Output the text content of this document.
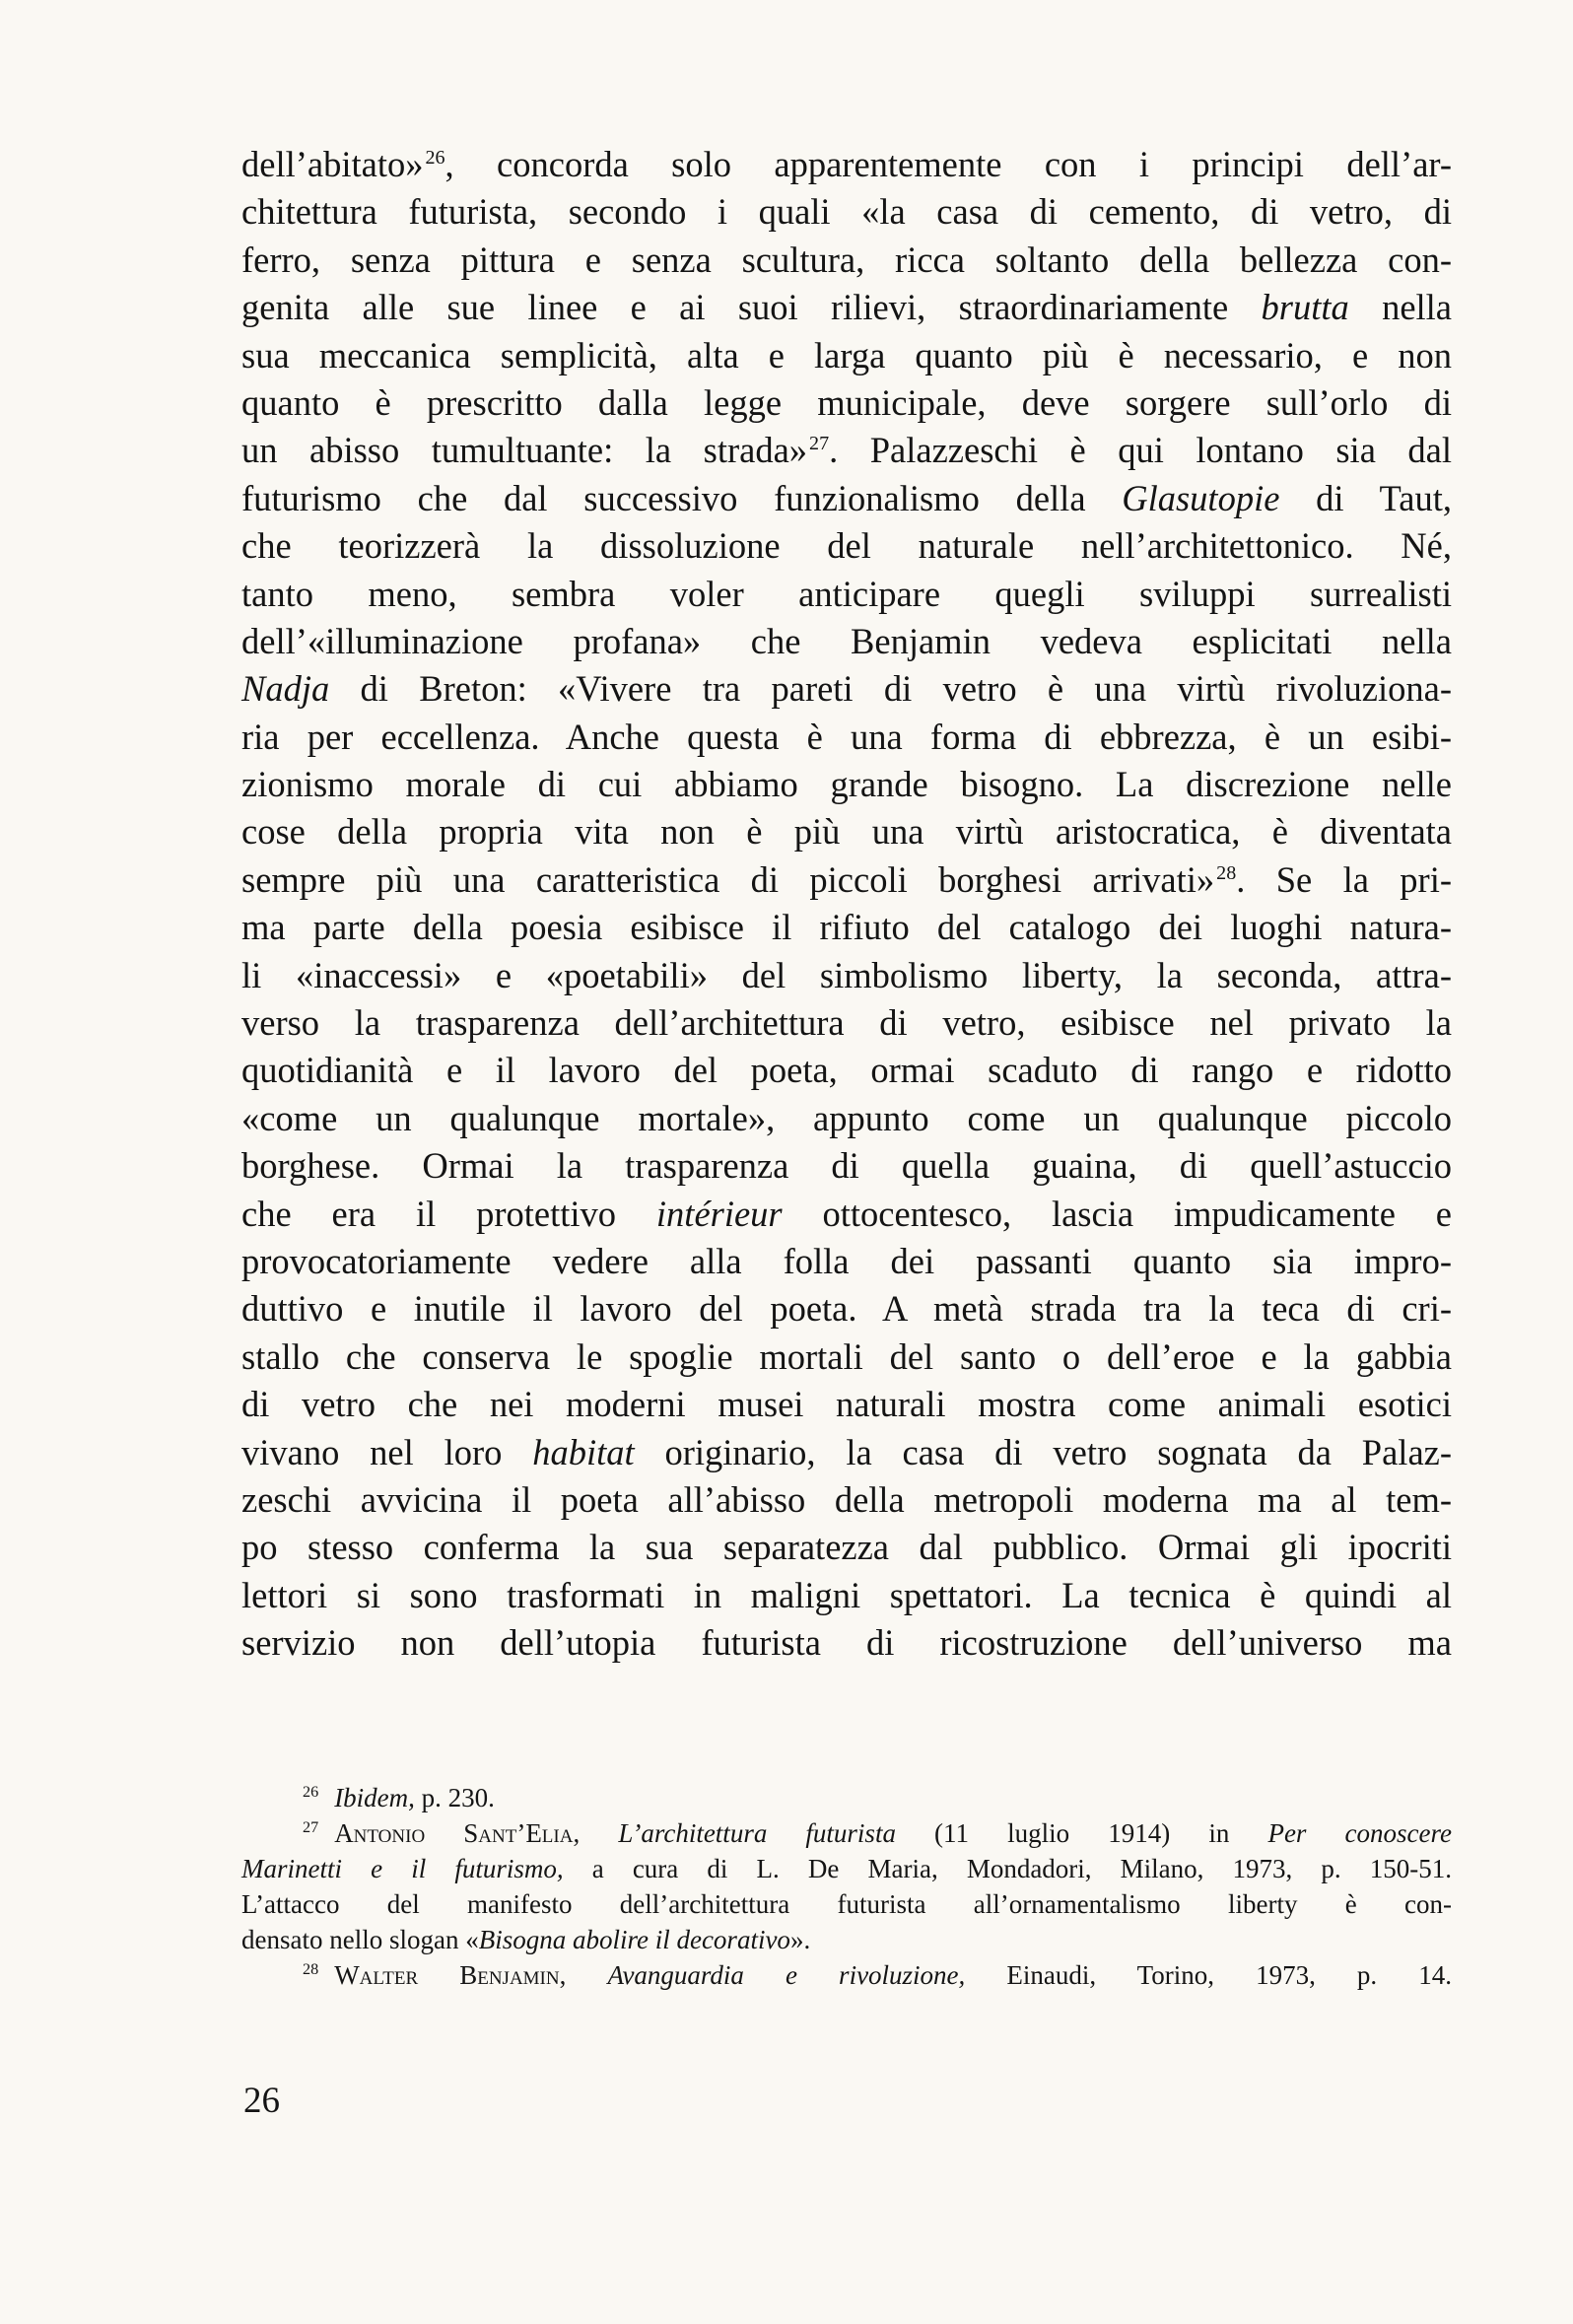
dell’abitato»$^{26}$, concorda solo apparentemente con i principi dell’ar-
chitettura futurista, secondo i quali «la casa di cemento, di vetro, di
ferro, senza pittura e senza scultura, ricca soltanto della bellezza con-
genita alle sue linee e ai suoi rilievi, straordinariamente brutta nella
sua meccanica semplicità, alta e larga quanto più è necessario, e non
quanto è prescritto dalla legge municipale, deve sorgere sull’orlo di
un abisso tumultuante: la strada»$^{27}$. Palazzeschi è qui lontano sia dal
futurismo che dal successivo funzionalismo della Glasutopie di Taut,
che teorizzerà la dissoluzione del naturale nell’architettonico. Né,
tanto meno, sembra voler anticipare quegli sviluppi surrealisti
dell’«illuminazione profana» che Benjamin vedeva esplicitati nella
Nadja di Breton: «Vivere tra pareti di vetro è una virtù rivoluziona-
ria per eccellenza. Anche questa è una forma di ebbrezza, è un esibi-
zionismo morale di cui abbiamo grande bisogno. La discrezione nelle
cose della propria vita non è più una virtù aristocratica, è diventata
sempre più una caratteristica di piccoli borghesi arrivati»$^{28}$. Se la pri-
ma parte della poesia esibisce il rifiuto del catalogo dei luoghi natura-
li «inaccessi» e «poetabili» del simbolismo liberty, la seconda, attra-
verso la trasparenza dell’architettura di vetro, esibisce nel privato la
quotidianità e il lavoro del poeta, ormai scaduto di rango e ridotto
«come un qualunque mortale», appunto come un qualunque piccolo
borghese. Ormai la trasparenza di quella guaina, di quell’astuccio
che era il protettivo intérieur ottocentesco, lascia impudicamente e
provocatoriamente vedere alla folla dei passanti quanto sia impro-
duttivo e inutile il lavoro del poeta. A metà strada tra la teca di cri-
stallo che conserva le spoglie mortali del santo o dell’eroe e la gabbia
di vetro che nei moderni musei naturali mostra come animali esotici
vivano nel loro habitat originario, la casa di vetro sognata da Palaz-
zeschi avvicina il poeta all’abisso della metropoli moderna ma al tem-
po stesso conferma la sua separatezza dal pubblico. Ormai gli ipocriti
lettori si sono trasformati in maligni spettatori. La tecnica è quindi al
servizio non dell’utopia futurista di ricostruzione dell’universo ma
$^{26}$ Ibidem, p. 230.
$^{27}$ Antonio Sant’Elia, L’architettura futurista (11 luglio 1914) in Per conoscere
Marinetti e il futurismo, a cura di L. De Maria, Mondadori, Milano, 1973, p. 150-51.
L’attacco del manifesto dell’architettura futurista all’ornamentalismo liberty è con-
densato nello slogan «Bisogna abolire il decorativo».
$^{28}$ Walter Benjamin, Avanguardia e rivoluzione, Einaudi, Torino, 1973, p. 14.
26
